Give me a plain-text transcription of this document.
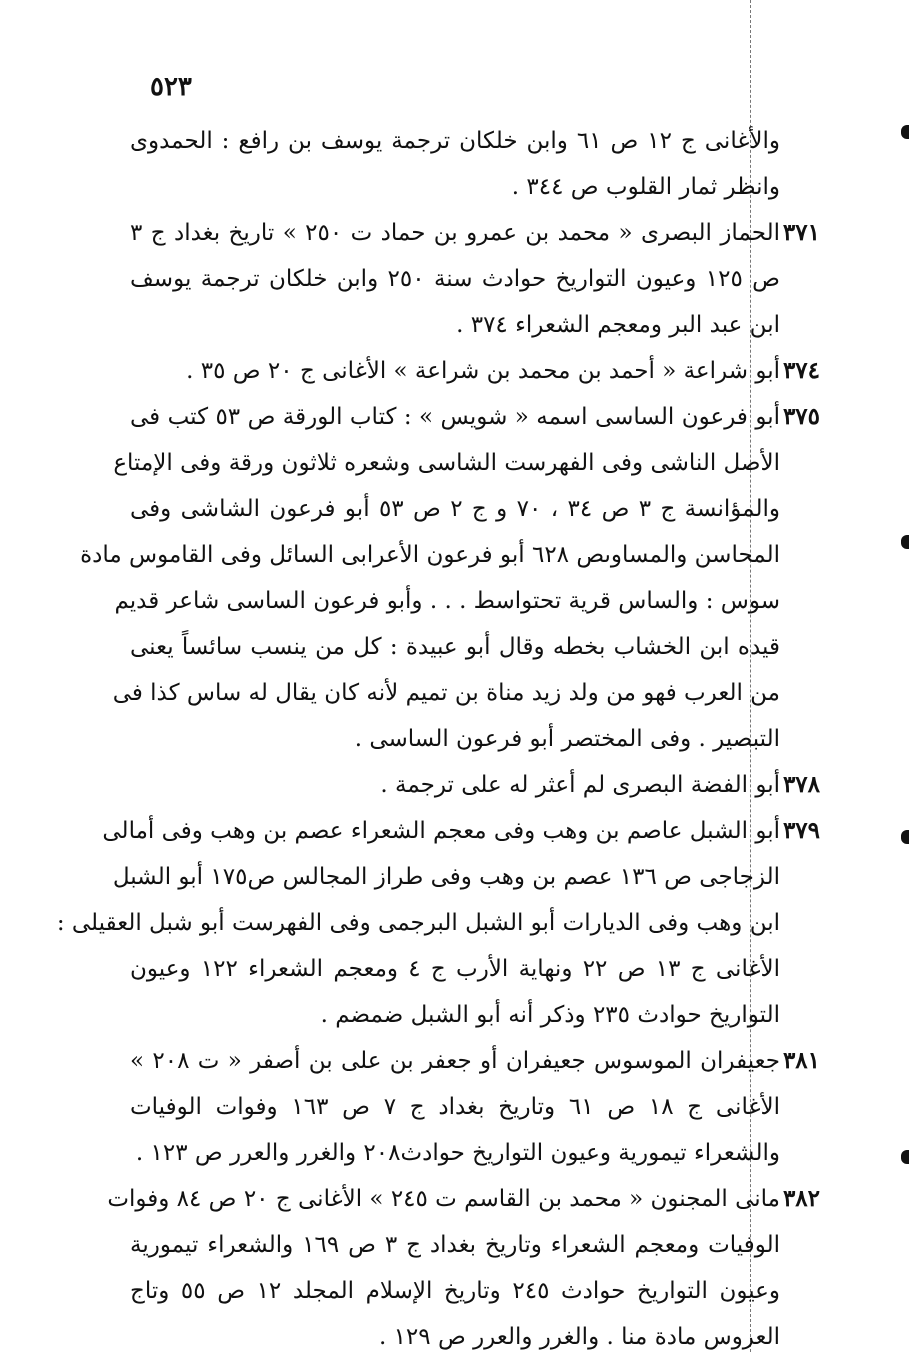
٥٢٣
والأغانى ج ١٢ ص ٦١ وابن خلكان ترجمة يوسف بن رافع : الحمدوى
وانظر ثمار القلوب ص ٣٤٤ .
٣٧١الحماز البصرى « محمد بن عمرو بن حماد ت ٢٥٠ » تاريخ بغداد ج ٣
ص ١٢٥ وعيون التواريخ حوادث سنة ٢٥٠ وابن خلكان ترجمة يوسف
ابن عبد البر ومعجم الشعراء ٣٧٤ .
٣٧٤أبو شراعة « أحمد بن محمد بن شراعة » الأغانى ج ٢٠ ص ٣٥ .
٣٧٥أبو فرعون الساسى اسمه « شويس » : كتاب الورقة ص ٥٣ كتب فى
الأصل الناشى وفى الفهرست الشاسى وشعره ثلاثون ورقة وفى الإمتاع
والمؤانسة ج ٣ ص ٣٤ ، ٧٠ و ج ٢ ص ٥٣ أبو فرعون الشاشى وفى
المحاسن والمساوىص ٦٢٨ أبو فرعون الأعرابى السائل وفى القاموس مادة
سوس : والساس قرية تحتواسط . . . وأبو فرعون الساسى شاعر قديم
قيده ابن الخشاب بخطه وقال أبو عبيدة : كل من ينسب سائساً يعنى
من العرب فهو من ولد زيد مناة بن تميم لأنه كان يقال له ساس كذا فى
التبصير . وفى المختصر أبو فرعون الساسى .
٣٧٨أبو الفضة البصرى لم أعثر له على ترجمة .
٣٧٩أبو الشبل عاصم بن وهب وفى معجم الشعراء عصم بن وهب وفى أمالى
الزجاجى ص ١٣٦ عصم بن وهب وفى طراز المجالس ص١٧٥ أبو الشبل
ابن وهب وفى الديارات أبو الشبل البرجمى وفى الفهرست أبو شبل العقيلى :
الأغانى ج ١٣ ص ٢٢ ونهاية الأرب ج ٤ ومعجم الشعراء ١٢٢ وعيون
التواريخ حوادث ٢٣٥ وذكر أنه أبو الشبل ضمضم .
٣٨١جعيفران الموسوس جعيفران أو جعفر بن على بن أصفر « ت ٢٠٨ »
الأغانى ج ١٨ ص ٦١ وتاريخ بغداد ج ٧ ص ١٦٣ وفوات الوفيات
والشعراء تيمورية وعيون التواريخ حوادث٢٠٨ والغرر والعرر ص ١٢٣ .
٣٨٢مانى المجنون « محمد بن القاسم ت ٢٤٥ » الأغانى ج ٢٠ ص ٨٤ وفوات
الوفيات ومعجم الشعراء وتاريخ بغداد ج ٣ ص ١٦٩ والشعراء تيمورية
وعيون التواريخ حوادث ٢٤٥ وتاريخ الإسلام المجلد ١٢ ص ٥٥ وتاج
العروس مادة منا . والغرر والعرر ص ١٢٩ .
